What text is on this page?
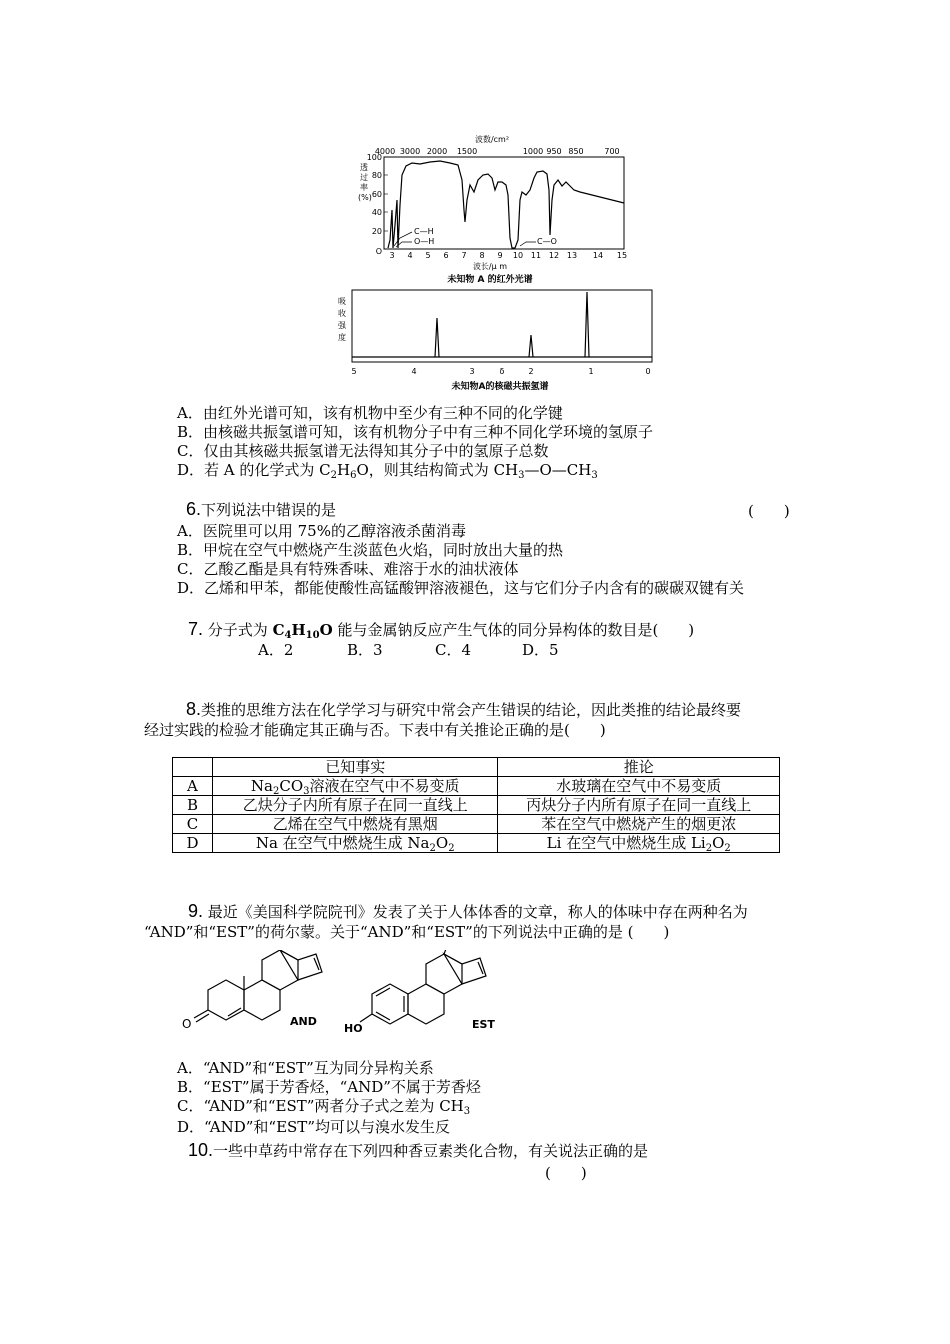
波数/cm²
4000 3000 2000 1500	1000 950 850	700
透
过
率
(%)
100
80
60
40
20
O
C—H
O—H	C—O
3 4 5 6 7 8 9 10 11 12 13 14 15
波长/μ m
未知物 A 的红外光谱
吸
收
强
度
5	4	3	δ	2	1	0
未知物A的核磁共振氢谱
A．由红外光谱可知，该有机物中至少有三种不同的化学键
B．由核磁共振氢谱可知，该有机物分子中有三种不同化学环境的氢原子
C．仅由其核磁共振氢谱无法得知其分子中的氢原子总数
D．若 A 的化学式为 $C_2H_6O$，则其结构简式为 $CH_3—O—CH_3$
6.下列说法中错误的是	(　　)
A．医院里可以用 75%的乙醇溶液杀菌消毒
B．甲烷在空气中燃烧产生淡蓝色火焰，同时放出大量的热
C．乙酸乙酯是具有特殊香味、难溶于水的油状液体
D．乙烯和甲苯，都能使酸性高锰酸钾溶液褪色，这与它们分子内含有的碳碳双键有关
7. 分子式为 $C_4H_{10}O$ 能与金属钠反应产生气体的同分异构体的数目是(　　)
A．2	B．3	C．4	D．5
8.类推的思维方法在化学学习与研究中常会产生错误的结论，因此类推的结论最终要
经过实践的检验才能确定其正确与否。下表中有关推论正确的是(　　)
	已知事实	推论
A	$Na_2CO_3$溶液在空气中不易变质	水玻璃在空气中不易变质
B	乙炔分子内所有原子在同一直线上	丙炔分子内所有原子在同一直线上
C	乙烯在空气中燃烧有黑烟	苯在空气中燃烧产生的烟更浓
D	Na 在空气中燃烧生成 $Na_2O_2$	Li 在空气中燃烧生成 $Li_2O_2$
9. 最近《美国科学院院刊》发表了关于人体体香的文章，称人的体味中存在两种名为
“AND”和“EST”的荷尔蒙。关于“AND”和“EST”的下列说法中正确的是 (　　)
O	AND
HO	EST
A．“AND”和“EST”互为同分异构关系
B．“EST”属于芳香烃，“AND”不属于芳香烃
C．“AND”和“EST”两者分子式之差为 $CH_3$
D．“AND”和“EST”均可以与溴水发生反
10.一些中草药中常存在下列四种香豆素类化合物，有关说法正确的是
(　　)
